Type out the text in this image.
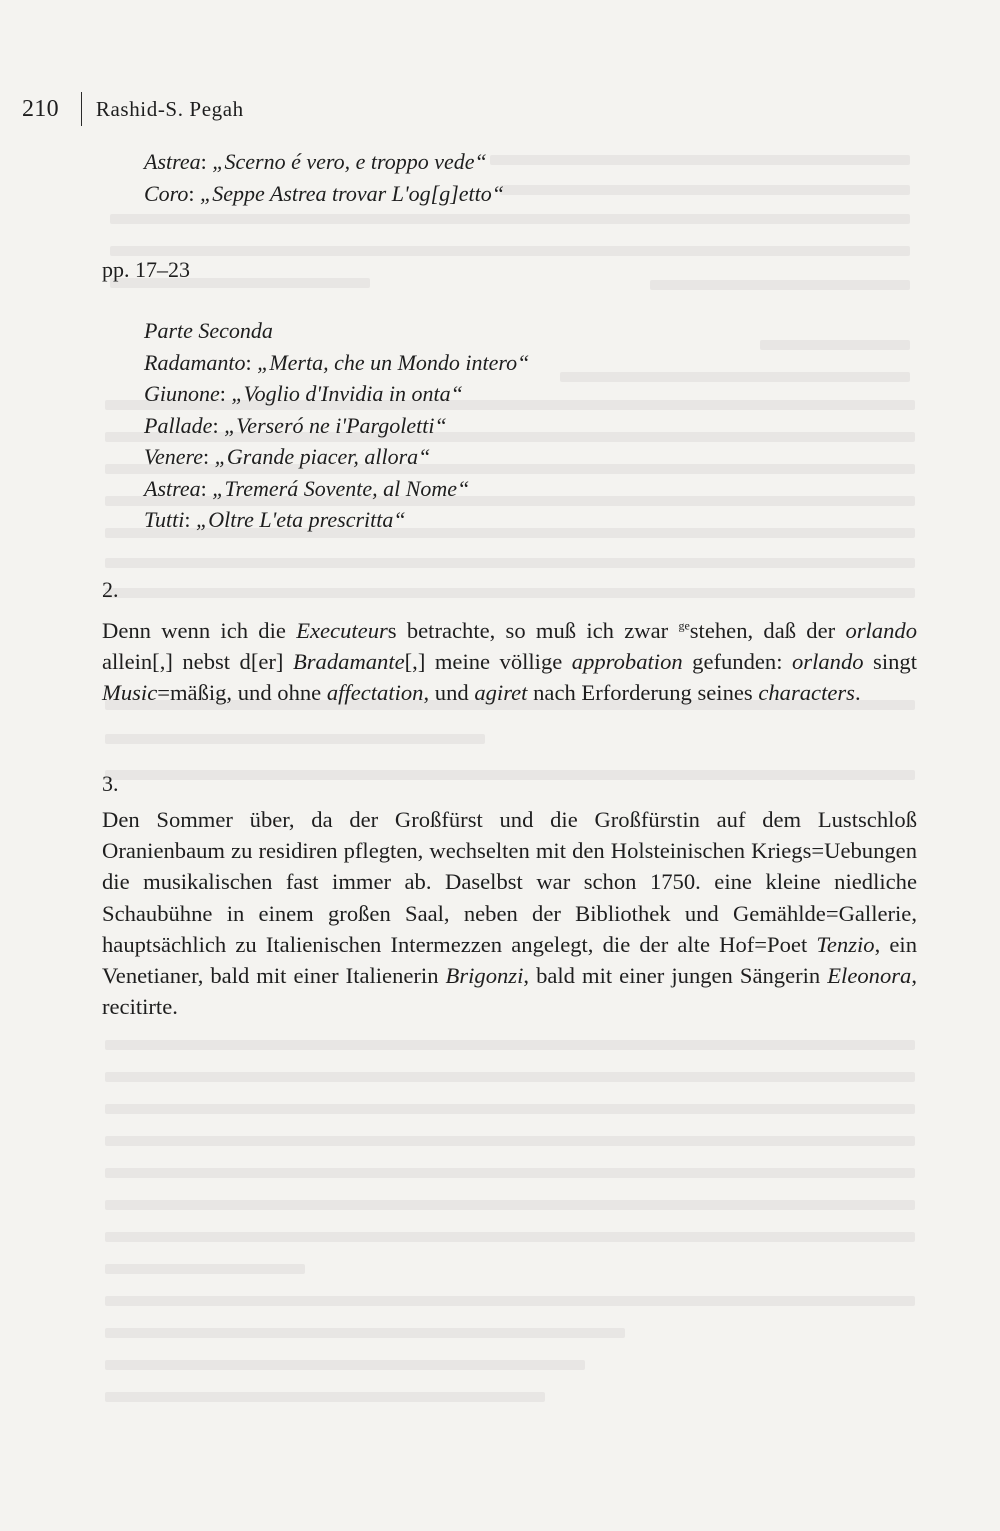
210 Rashid-S. Pegah
Astrea: „Scerno é vero, e troppo vede“
Coro: „Seppe Astrea trovar L'og[g]etto“
pp. 17–23
Parte Seconda
Radamanto: „Merta, che un Mondo intero“
Giunone: „Voglio d'Invidia in onta“
Pallade: „Verseró ne i'Pargoletti“
Venere: „Grande piacer, allora“
Astrea: „Tremerá Sovente, al Nome“
Tutti: „Oltre L'eta prescritta“
2.
Denn wenn ich die Executeurs betrachte, so muß ich zwar $^{ge}$stehen, daß der orlando allein[,] nebst d[er] Bradamante[,] meine völlige approbation gefunden: orlando singt Music=mäßig, und ohne affectation, und agiret nach Erforderung seines characters.
3.
Den Sommer über, da der Großfürst und die Großfürstin auf dem Lustschloß Oranienbaum zu residiren pflegten, wechselten mit den Holsteinischen Kriegs=Uebungen die musikalischen fast immer ab. Daselbst war schon 1750. eine kleine niedliche Schaubühne in einem großen Saal, neben der Bibliothek und Gemählde=Gallerie, hauptsächlich zu Italienischen Intermezzen angelegt, die der alte Hof=Poet Tenzio, ein Venetianer, bald mit einer Italienerin Brigonzi, bald mit einer jungen Sängerin Eleonora, recitirte.
